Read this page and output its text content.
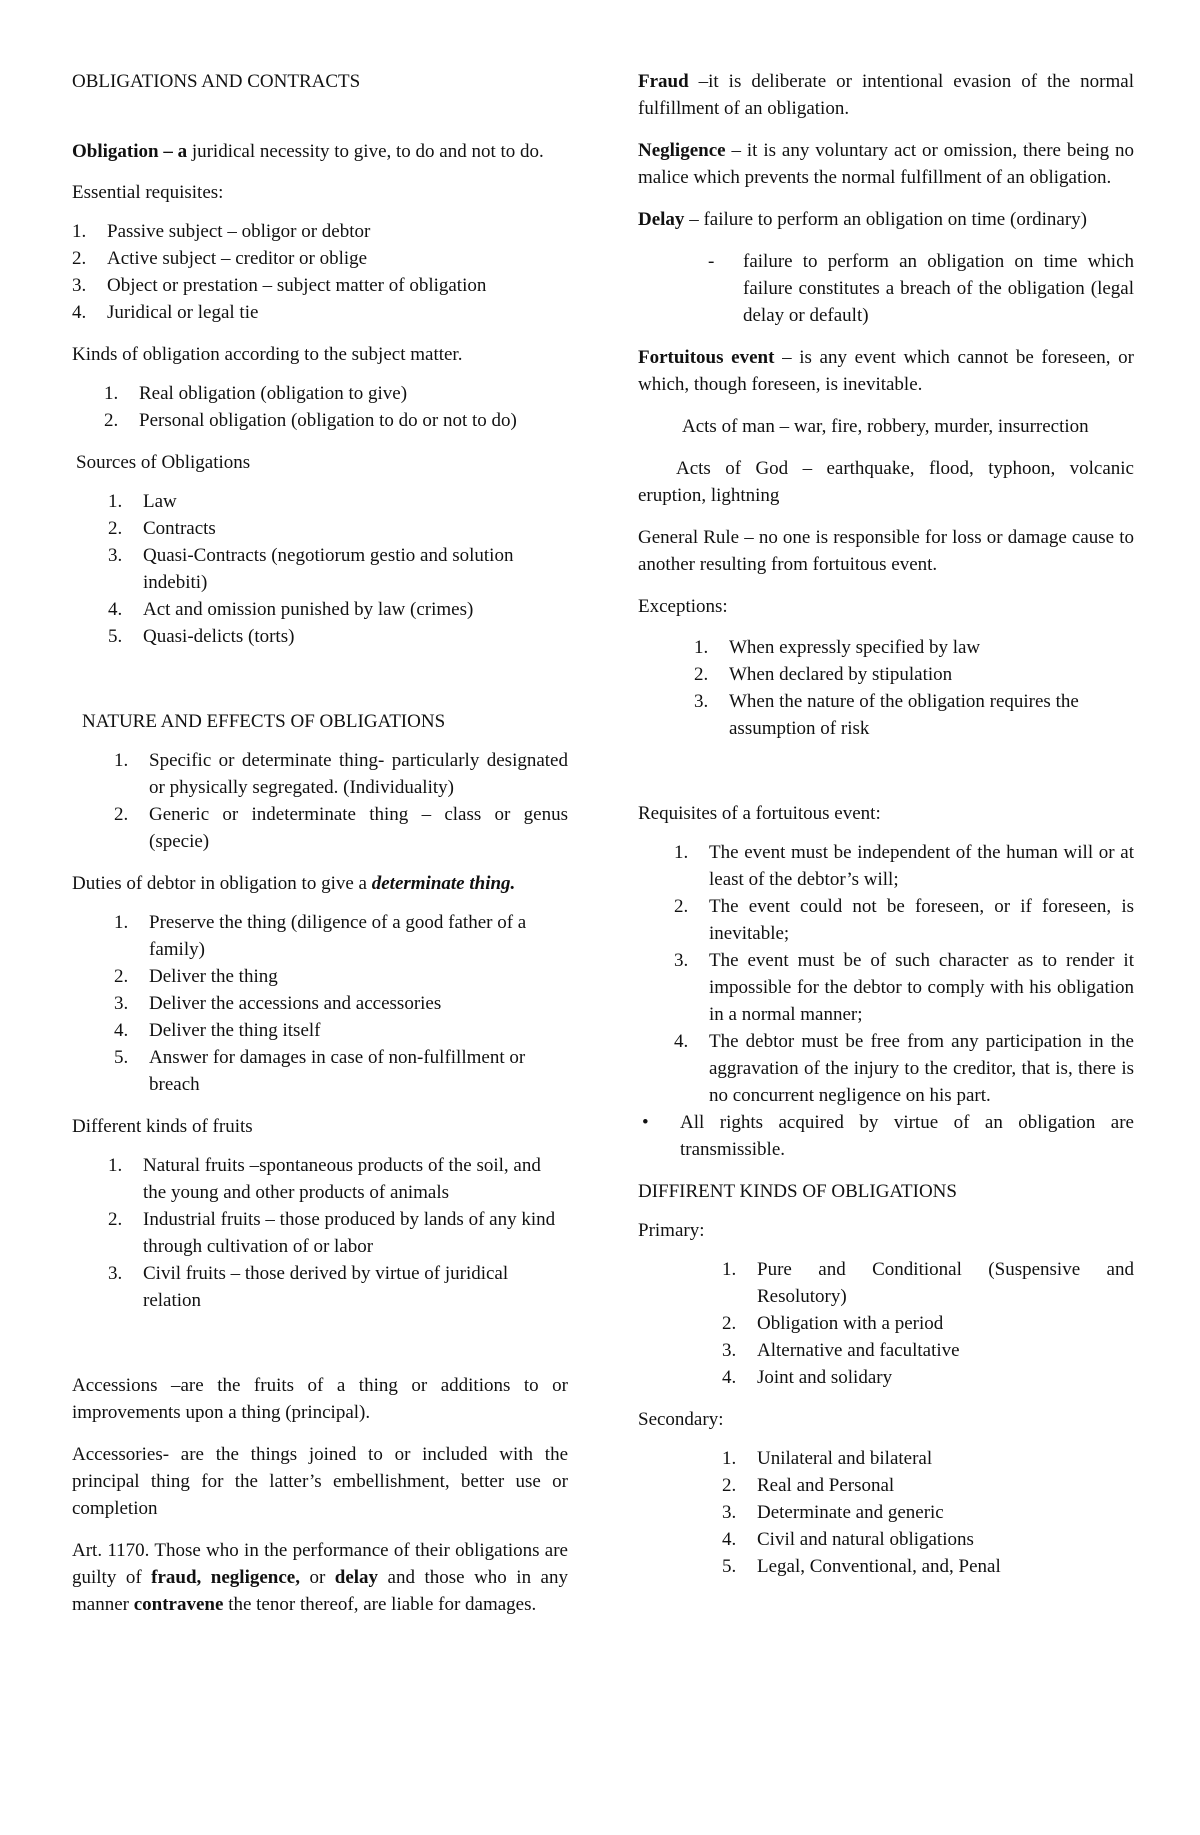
OBLIGATIONS AND CONTRACTS

Obligation – a juridical necessity to give, to do and not to do.

Essential requisites:

1. Passive subject – obligor or debtor
2. Active subject – creditor or oblige
3. Object or prestation – subject matter of obligation
4. Juridical or legal tie

Kinds of obligation according to the subject matter.

1. Real obligation (obligation to give)
2. Personal obligation (obligation to do or not to do)

Sources of Obligations

1. Law
2. Contracts
3. Quasi-Contracts (negotiorum gestio and solution indebiti)
4. Act and omission punished by law (crimes)
5. Quasi-delicts (torts)

NATURE AND EFFECTS OF OBLIGATIONS

1. Specific or determinate thing- particularly designated or physically segregated. (Individuality)
2. Generic or indeterminate thing – class or genus (specie)

Duties of debtor in obligation to give a determinate thing.

1. Preserve the thing (diligence of a good father of a family)
2. Deliver the thing
3. Deliver the accessions and accessories
4. Deliver the thing itself
5. Answer for damages in case of non-fulfillment or breach

Different kinds of fruits

1. Natural fruits –spontaneous products of the soil, and the young and other products of animals
2. Industrial fruits – those produced by lands of any kind through cultivation of or labor
3. Civil fruits – those derived by virtue of juridical relation

Accessions –are the fruits of a thing or additions to or improvements upon a thing (principal).

Accessories- are the things joined to or included with the principal thing for the latter’s embellishment, better use or completion

Art. 1170. Those who in the performance of their obligations are guilty of fraud, negligence, or delay and those who in any manner contravene the tenor thereof, are liable for damages.

Fraud –it is deliberate or intentional evasion of the normal fulfillment of an obligation.

Negligence – it is any voluntary act or omission, there being no malice which prevents the normal fulfillment of an obligation.

Delay – failure to perform an obligation on time (ordinary)

- failure to perform an obligation on time which failure constitutes a breach of the obligation (legal delay or default)

Fortuitous event – is any event which cannot be foreseen, or which, though foreseen, is inevitable.

Acts of man – war, fire, robbery, murder, insurrection

Acts of God – earthquake, flood, typhoon, volcanic eruption, lightning

General Rule – no one is responsible for loss or damage cause to another resulting from fortuitous event.

Exceptions:

1. When expressly specified by law
2. When declared by stipulation
3. When the nature of the obligation requires the assumption of risk

Requisites of a fortuitous event:

1. The event must be independent of the human will or at least of the debtor’s will;
2. The event could not be foreseen, or if foreseen, is inevitable;
3. The event must be of such character as to render it impossible for the debtor to comply with his obligation in a normal manner;
4. The debtor must be free from any participation in the aggravation of the injury to the creditor, that is, there is no concurrent negligence on his part.
• All rights acquired by virtue of an obligation are transmissible.

DIFFIRENT KINDS OF OBLIGATIONS

Primary:

1. Pure and Conditional (Suspensive and Resolutory)
2. Obligation with a period
3. Alternative and facultative
4. Joint and solidary

Secondary:

1. Unilateral and bilateral
2. Real and Personal
3. Determinate and generic
4. Civil and natural obligations
5. Legal, Conventional, and, Penal
